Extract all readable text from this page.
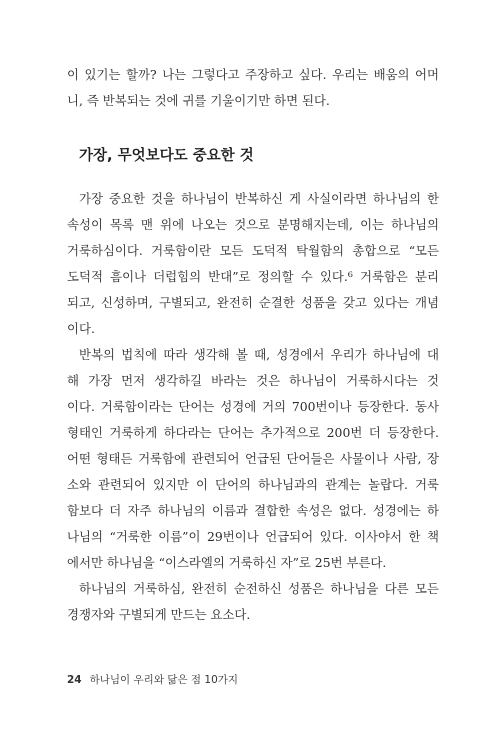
이 있기는 할까? 나는 그렇다고 주장하고 싶다. 우리는 배움의 어머
니, 즉 반복되는 것에 귀를 기울이기만 하면 된다.
가장, 무엇보다도 중요한 것
가장 중요한 것을 하나님이 반복하신 게 사실이라면 하나님의 한
속성이 목록 맨 위에 나오는 것으로 분명해지는데, 이는 하나님의
거룩하심이다. 거룩함이란 모든 도덕적 탁월함의 총합으로 “모든
도덕적 흠이나 더럽힘의 반대”로 정의할 수 있다.⁶ 거룩함은 분리
되고, 신성하며, 구별되고, 완전히 순결한 성품을 갖고 있다는 개념
이다.
반복의 법칙에 따라 생각해 볼 때, 성경에서 우리가 하나님에 대
해 가장 먼저 생각하길 바라는 것은 하나님이 거룩하시다는 것
이다. 거룩함이라는 단어는 성경에 거의 700번이나 등장한다. 동사
형태인 거룩하게 하다라는 단어는 추가적으로 200번 더 등장한다.
어떤 형태든 거룩함에 관련되어 언급된 단어들은 사물이나 사람, 장
소와 관련되어 있지만 이 단어의 하나님과의 관계는 놀랍다. 거룩
함보다 더 자주 하나님의 이름과 결합한 속성은 없다. 성경에는 하
나님의 “거룩한 이름”이 29번이나 언급되어 있다. 이사야서 한 책
에서만 하나님을 “이스라엘의 거룩하신 자”로 25번 부른다.
하나님의 거룩하심, 완전히 순전하신 성품은 하나님을 다른 모든
경쟁자와 구별되게 만드는 요소다.
24 하나님이 우리와 닮은 점 10가지
